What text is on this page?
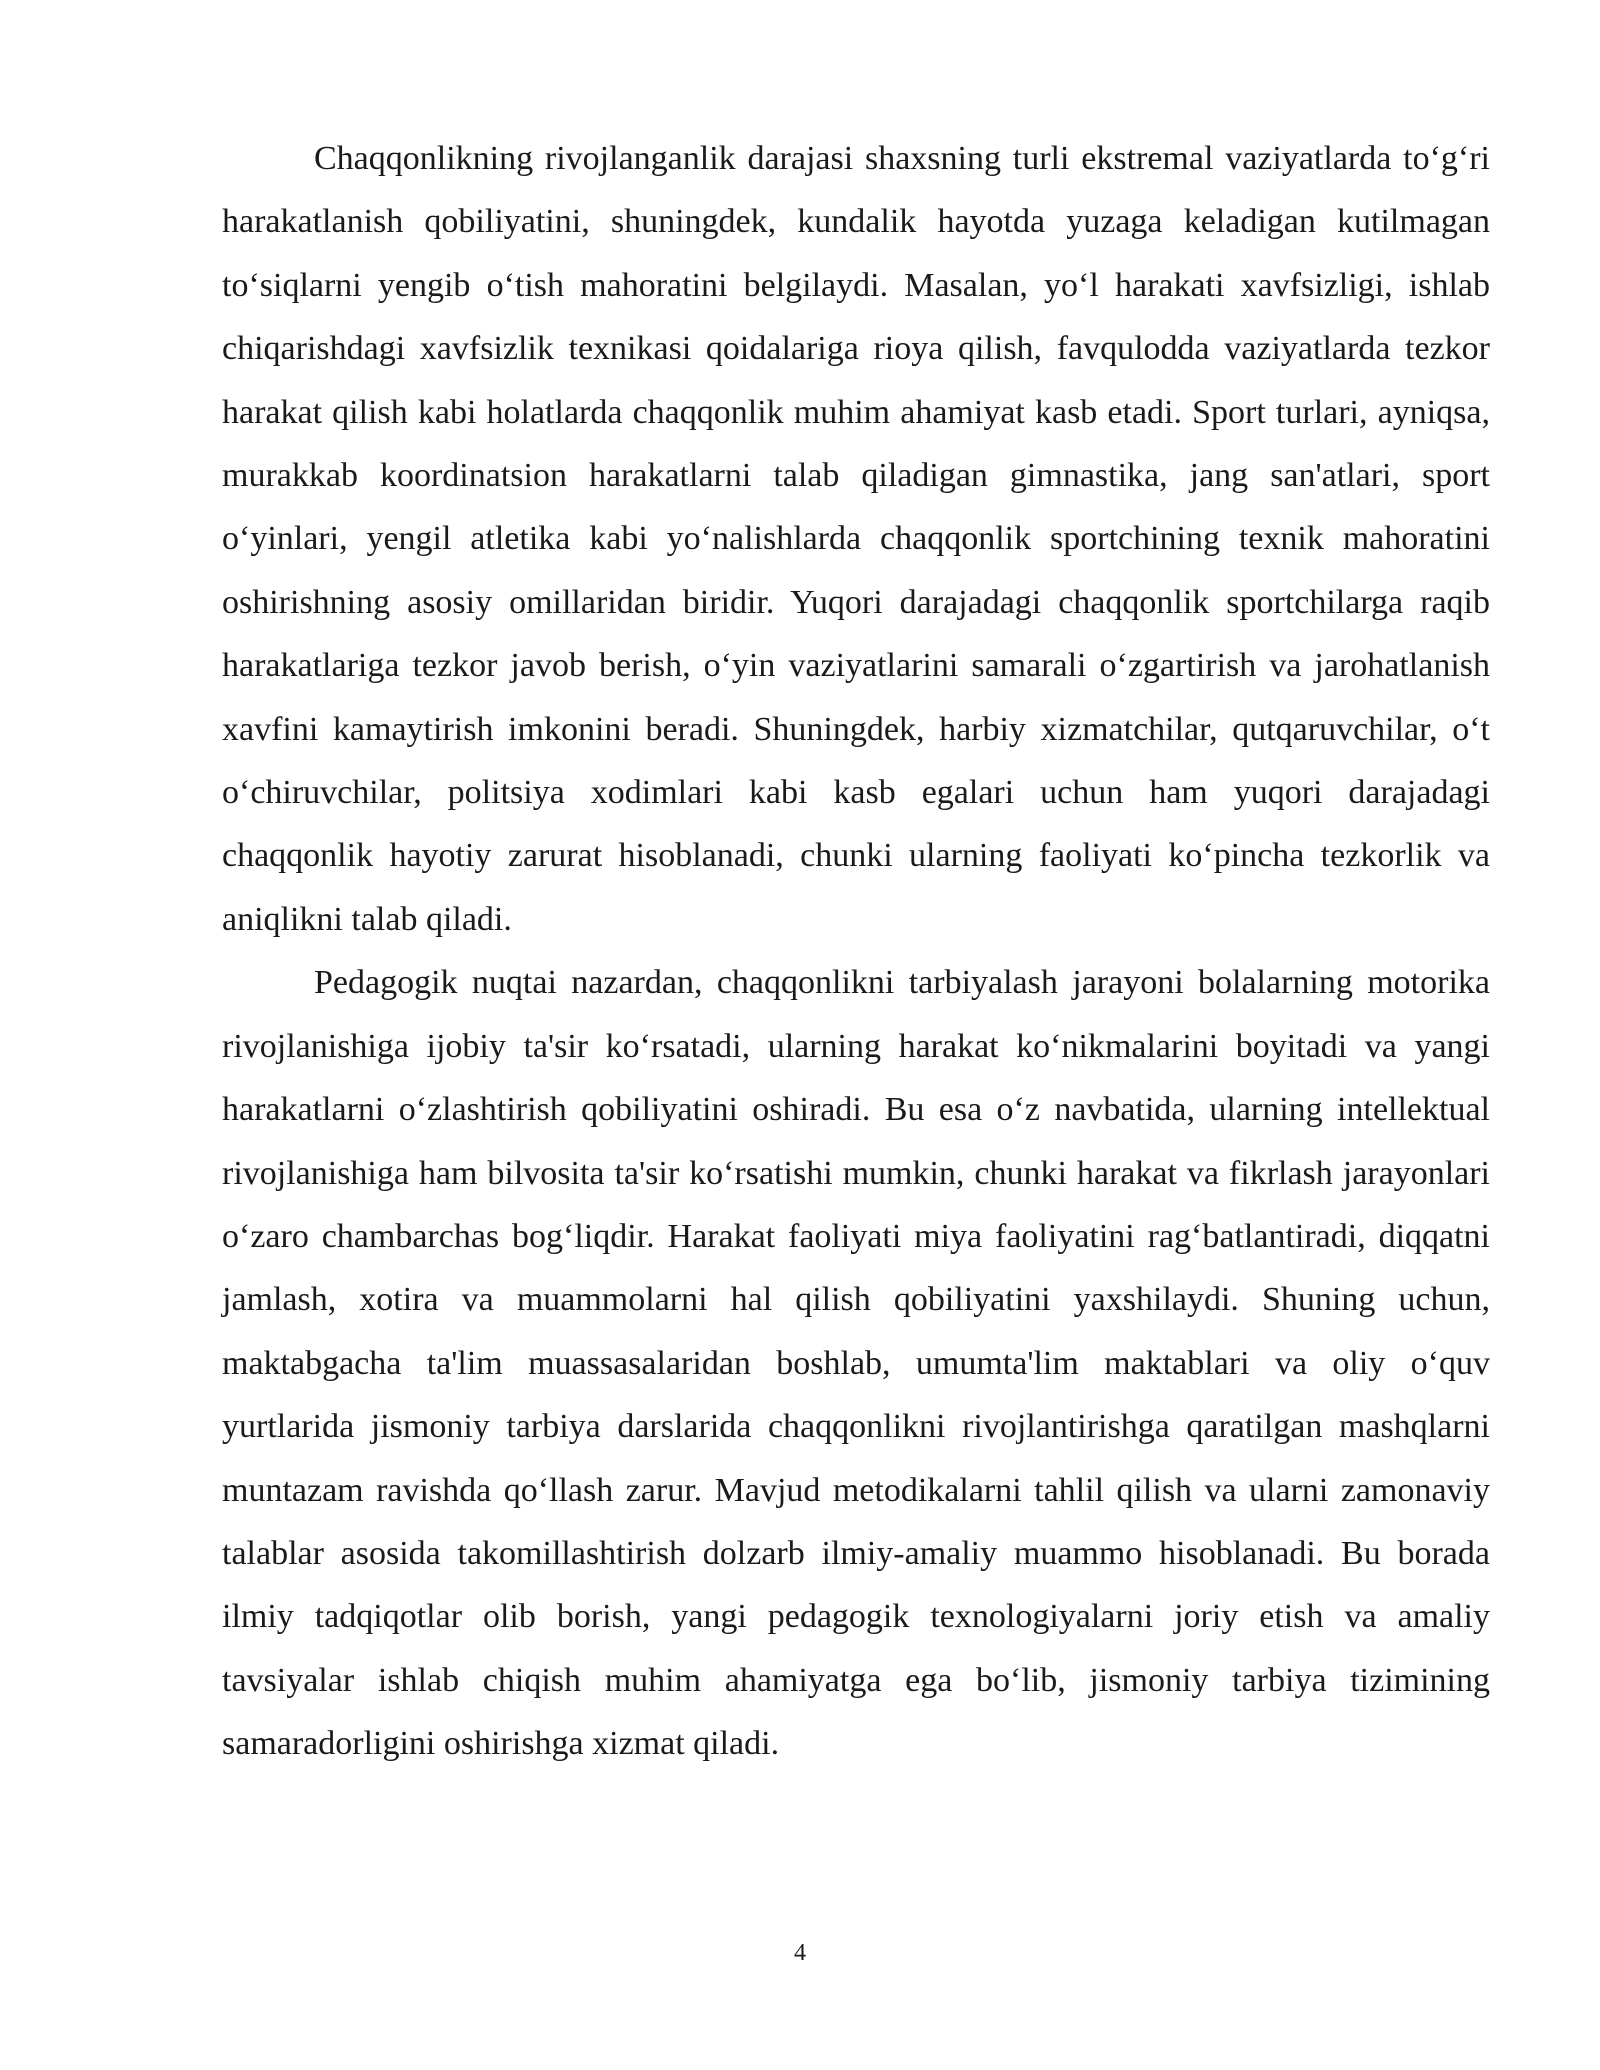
Chaqqonlikning rivojlanganlik darajasi shaxsning turli ekstremal vaziyatlarda to‘g‘ri harakatlanish qobiliyatini, shuningdek, kundalik hayotda yuzaga keladigan kutilmagan to‘siqlarni yengib o‘tish mahoratini belgilaydi. Masalan, yo‘l harakati xavfsizligi, ishlab chiqarishdagi xavfsizlik texnikasi qoidalariga rioya qilish, favqulodda vaziyatlarda tezkor harakat qilish kabi holatlarda chaqqonlik muhim ahamiyat kasb etadi. Sport turlari, ayniqsa, murakkab koordinatsion harakatlarni talab qiladigan gimnastika, jang san'atlari, sport o‘yinlari, yengil atletika kabi yo‘nalishlarda chaqqonlik sportchining texnik mahoratini oshirishning asosiy omillaridan biridir. Yuqori darajadagi chaqqonlik sportchilarga raqib harakatlariga tezkor javob berish, o‘yin vaziyatlarini samarali o‘zgartirish va jarohatlanish xavfini kamaytirish imkonini beradi. Shuningdek, harbiy xizmatchilar, qutqaruvchilar, o‘t o‘chiruvchilar, politsiya xodimlari kabi kasb egalari uchun ham yuqori darajadagi chaqqonlik hayotiy zarurat hisoblanadi, chunki ularning faoliyati ko‘pincha tezkorlik va aniqlikni talab qiladi.

Pedagogik nuqtai nazardan, chaqqonlikni tarbiyalash jarayoni bolalarning motorika rivojlanishiga ijobiy ta'sir ko‘rsatadi, ularning harakat ko‘nikmalarini boyitadi va yangi harakatlarni o‘zlashtirish qobiliyatini oshiradi. Bu esa o‘z navbatida, ularning intellektual rivojlanishiga ham bilvosita ta'sir ko‘rsatishi mumkin, chunki harakat va fikrlash jarayonlari o‘zaro chambarchas bog‘liqdir. Harakat faoliyati miya faoliyatini rag‘batlantiradi, diqqatni jamlash, xotira va muammolarni hal qilish qobiliyatini yaxshilaydi. Shuning uchun, maktabgacha ta'lim muassasalaridan boshlab, umumta'lim maktablari va oliy o‘quv yurtlarida jismoniy tarbiya darslarida chaqqonlikni rivojlantirishga qaratilgan mashqlarni muntazam ravishda qo‘llash zarur. Mavjud metodikalarni tahlil qilish va ularni zamonaviy talablar asosida takomillashtirish dolzarb ilmiy-amaliy muammo hisoblanadi. Bu borada ilmiy tadqiqotlar olib borish, yangi pedagogik texnologiyalarni joriy etish va amaliy tavsiyalar ishlab chiqish muhim ahamiyatga ega bo‘lib, jismoniy tarbiya tizimining samaradorligini oshirishga xizmat qiladi.

4
